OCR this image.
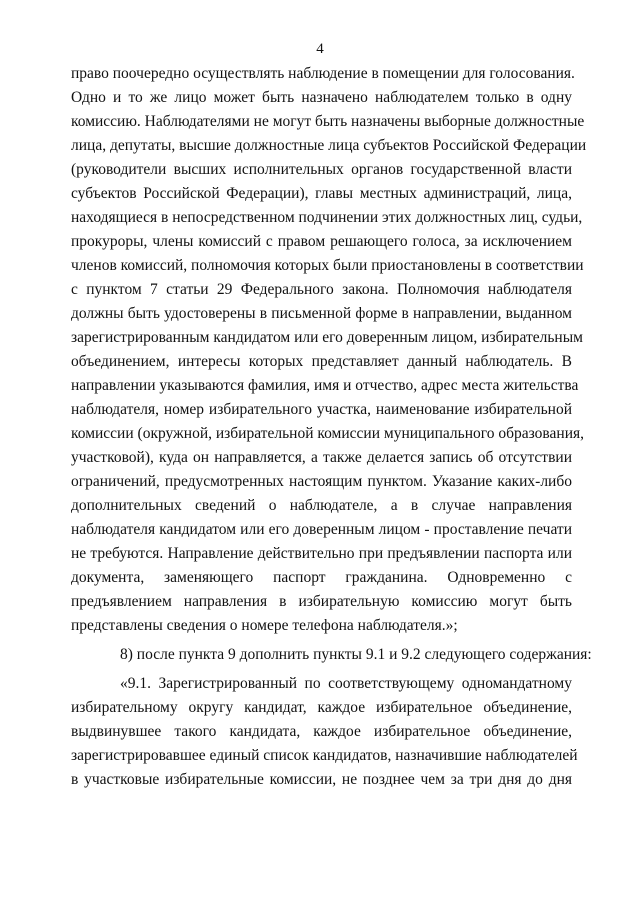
4
право поочередно осуществлять наблюдение в помещении для голосования.
Одно и то же лицо может быть назначено наблюдателем только в одну
комиссию. Наблюдателями не могут быть назначены выборные должностные
лица, депутаты, высшие должностные лица субъектов Российской Федерации
(руководители высших исполнительных органов государственной власти
субъектов Российской Федерации), главы местных администраций, лица,
находящиеся в непосредственном подчинении этих должностных лиц, судьи,
прокуроры, члены комиссий с правом решающего голоса, за исключением
членов комиссий, полномочия которых были приостановлены в соответствии
с пунктом 7 статьи 29 Федерального закона. Полномочия наблюдателя
должны быть удостоверены в письменной форме в направлении, выданном
зарегистрированным кандидатом или его доверенным лицом, избирательным
объединением, интересы которых представляет данный наблюдатель. В
направлении указываются фамилия, имя и отчество, адрес места жительства
наблюдателя, номер избирательного участка, наименование избирательной
комиссии (окружной, избирательной комиссии муниципального образования,
участковой), куда он направляется, а также делается запись об отсутствии
ограничений, предусмотренных настоящим пунктом. Указание каких-либо
дополнительных сведений о наблюдателе, а в случае направления
наблюдателя кандидатом или его доверенным лицом - проставление печати
не требуются. Направление действительно при предъявлении паспорта или
документа, заменяющего паспорт гражданина. Одновременно с
предъявлением направления в избирательную комиссию могут быть
представлены сведения о номере телефона наблюдателя.»;
8) после пункта 9 дополнить пункты 9.1 и 9.2 следующего содержания:
«9.1. Зарегистрированный по соответствующему одномандатному
избирательному округу кандидат, каждое избирательное объединение,
выдвинувшее такого кандидата, каждое избирательное объединение,
зарегистрировавшее единый список кандидатов, назначившие наблюдателей
в участковые избирательные комиссии, не позднее чем за три дня до дня
